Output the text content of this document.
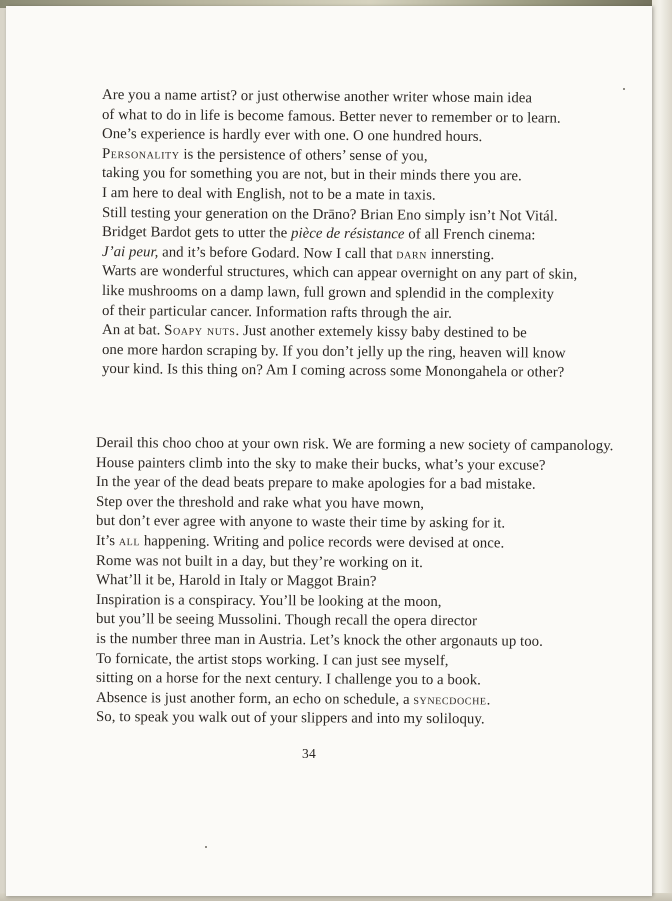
Are you a name artist? or just otherwise another writer whose main idea
of what to do in life is become famous. Better never to remember or to learn.
One’s experience is hardly ever with one. O one hundred hours.
Personality is the persistence of others’ sense of you,
taking you for something you are not, but in their minds there you are.
I am here to deal with English, not to be a mate in taxis.
Still testing your generation on the Drāno? Brian Eno simply isn’t Not Vitál.
Bridget Bardot gets to utter the pièce de résistance of all French cinema:
J’ai peur, and it’s before Godard. Now I call that darn innersting.
Warts are wonderful structures, which can appear overnight on any part of skin,
like mushrooms on a damp lawn, full grown and splendid in the complexity
of their particular cancer. Information rafts through the air.
An at bat. Soapy nuts. Just another extemely kissy baby destined to be
one more hardon scraping by. If you don’t jelly up the ring, heaven will know
your kind. Is this thing on? Am I coming across some Monongahela or other?
Derail this choo choo at your own risk. We are forming a new society of campanology.
House painters climb into the sky to make their bucks, what’s your excuse?
In the year of the dead beats prepare to make apologies for a bad mistake.
Step over the threshold and rake what you have mown,
but don’t ever agree with anyone to waste their time by asking for it.
It’s all happening. Writing and police records were devised at once.
Rome was not built in a day, but they’re working on it.
What’ll it be, Harold in Italy or Maggot Brain?
Inspiration is a conspiracy. You’ll be looking at the moon,
but you’ll be seeing Mussolini. Though recall the opera director
is the number three man in Austria. Let’s knock the other argonauts up too.
To fornicate, the artist stops working. I can just see myself,
sitting on a horse for the next century. I challenge you to a book.
Absence is just another form, an echo on schedule, a synecdoche.
So, to speak you walk out of your slippers and into my soliloquy.
34
